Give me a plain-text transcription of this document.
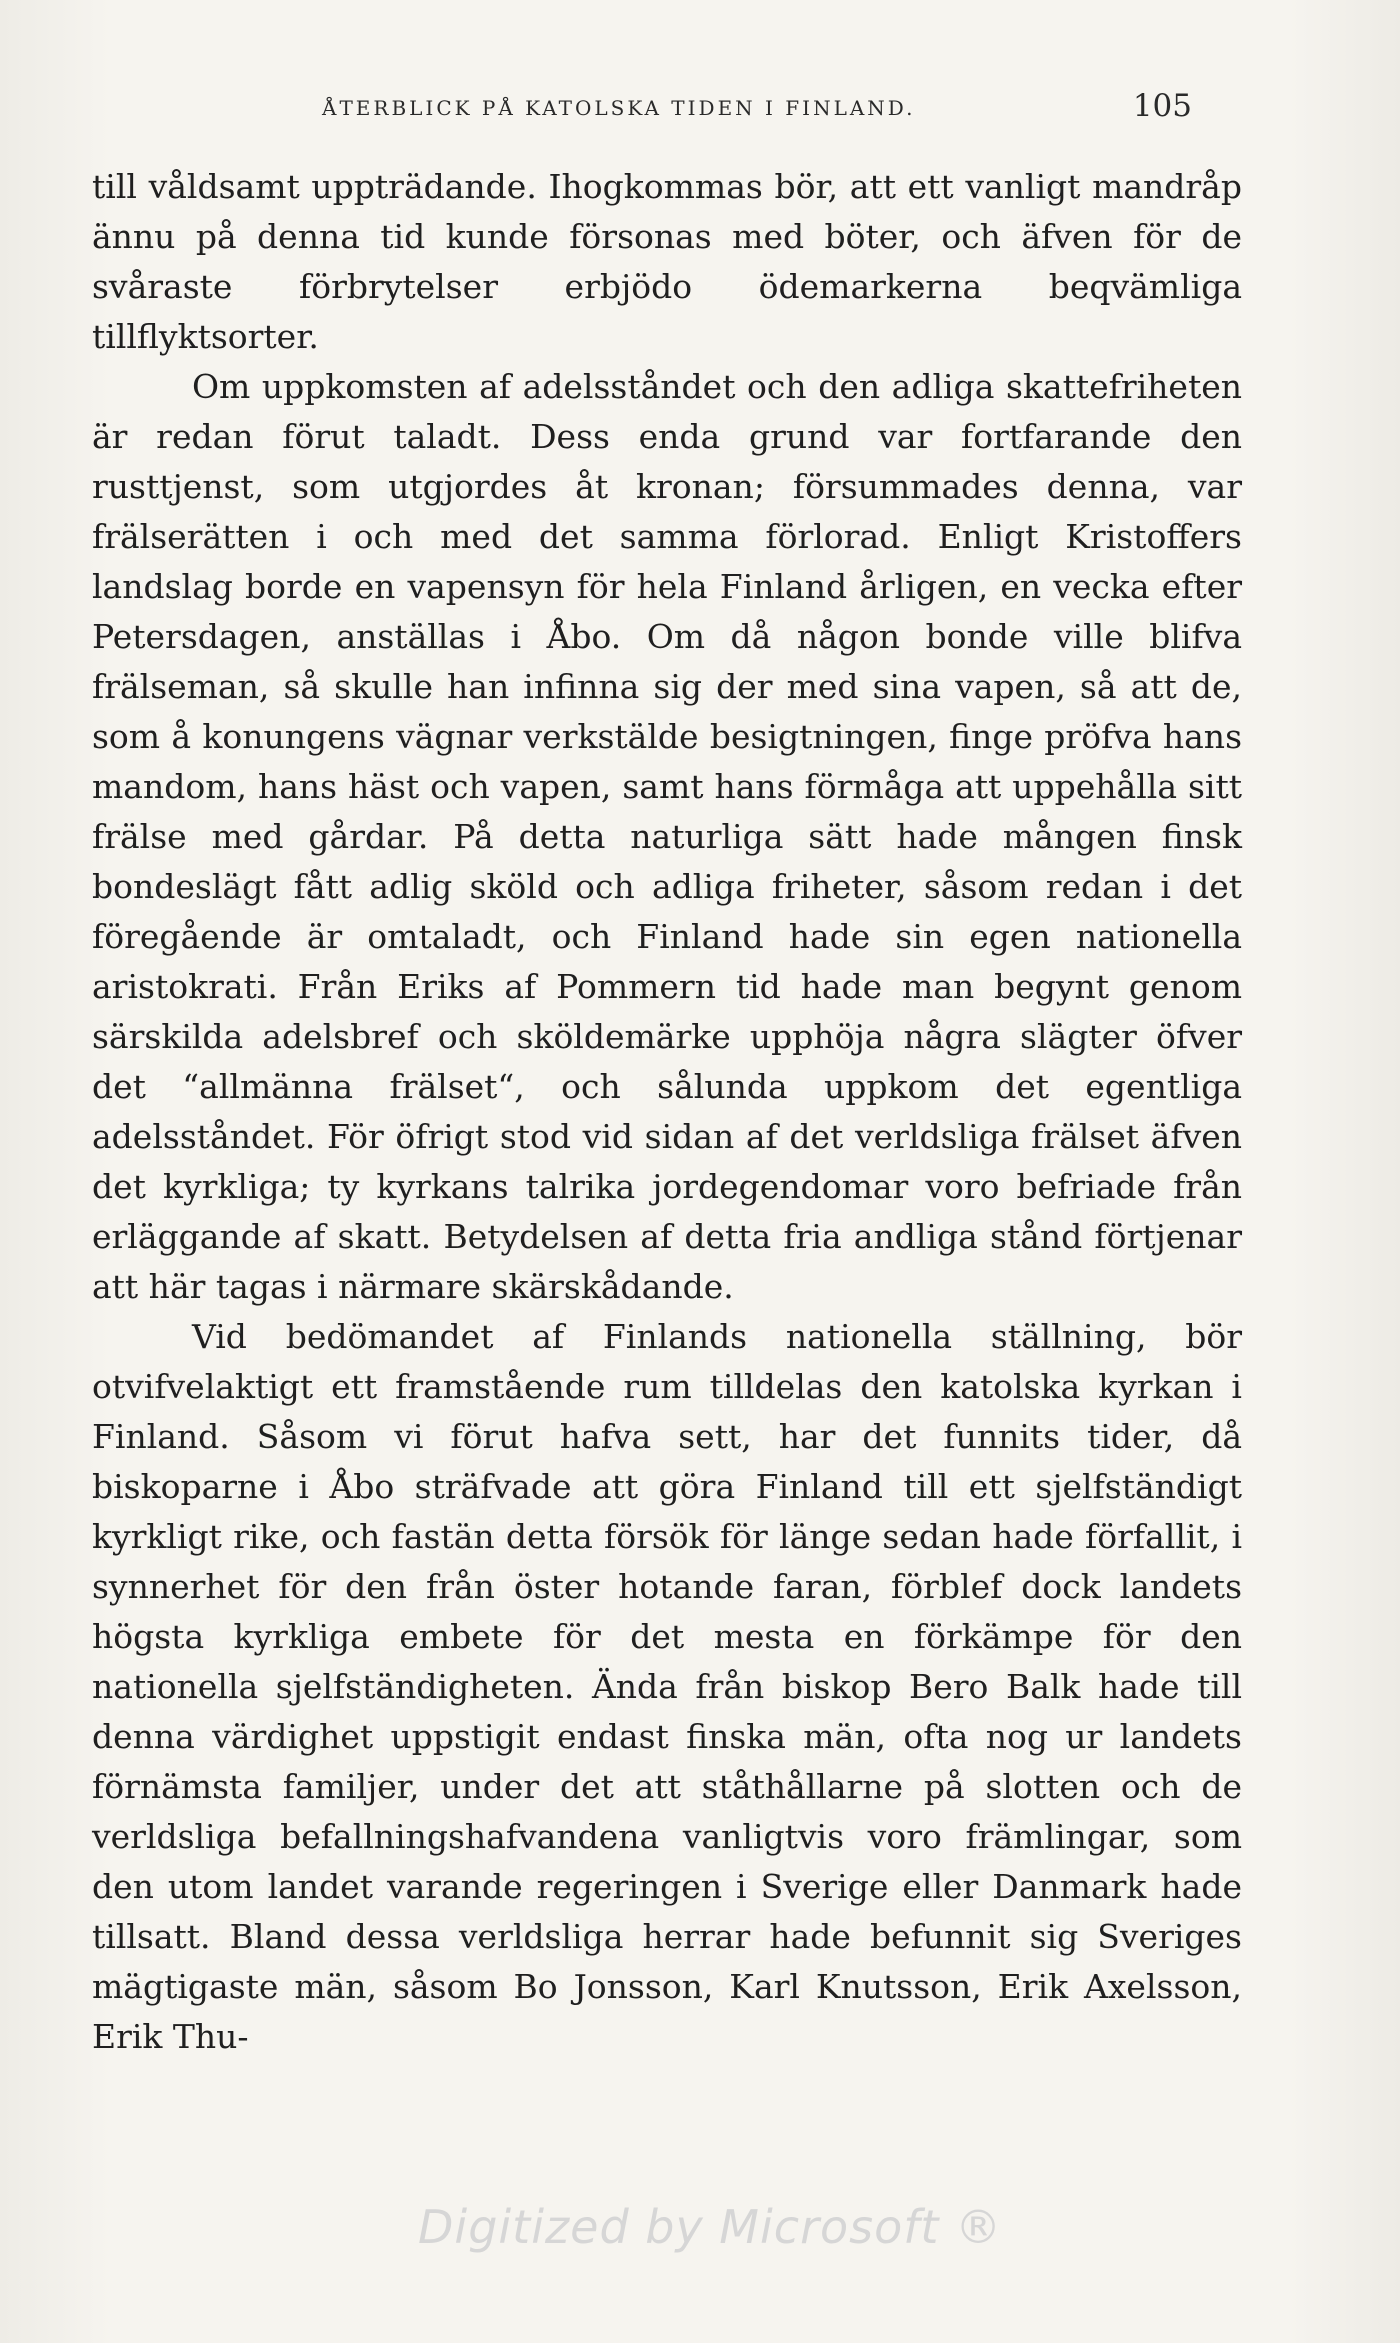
ÅTERBLICK PÅ KATOLSKA TIDEN I FINLAND.	105

till våldsamt uppträdande. Ihogkommas bör, att ett vanligt mandråp ännu på denna tid kunde försonas med böter, och äfven för de svåraste förbrytelser erbjödo ödemarkerna beqvämliga tillflyktsorter.

Om uppkomsten af adelsståndet och den adliga skattefriheten är redan förut taladt. Dess enda grund var fortfarande den rusttjenst, som utgjordes åt kronan; försummades denna, var frälserätten i och med det samma förlorad. Enligt Kristoffers landslag borde en vapensyn för hela Finland årligen, en vecka efter Petersdagen, anställas i Åbo. Om då någon bonde ville blifva frälseman, så skulle han infinna sig der med sina vapen, så att de, som å konungens vägnar verkstälde besigtningen, finge pröfva hans mandom, hans häst och vapen, samt hans förmåga att uppehålla sitt frälse med gårdar. På detta naturliga sätt hade mången finsk bondeslägt fått adlig sköld och adliga friheter, såsom redan i det föregående är omtaladt, och Finland hade sin egen nationella aristokrati. Från Eriks af Pommern tid hade man begynt genom särskilda adelsbref och sköldemärke upphöja några slägter öfver det “allmänna frälset“, och sålunda uppkom det egentliga adelsståndet. För öfrigt stod vid sidan af det verldsliga frälset äfven det kyrkliga; ty kyrkans talrika jordegendomar voro befriade från erläggande af skatt. Betydelsen af detta fria andliga stånd förtjenar att här tagas i närmare skärskådande.

Vid bedömandet af Finlands nationella ställning, bör otvifvelaktigt ett framstående rum tilldelas den katolska kyrkan i Finland. Såsom vi förut hafva sett, har det funnits tider, då biskoparne i Åbo sträfvade att göra Finland till ett sjelfständigt kyrkligt rike, och fastän detta försök för länge sedan hade förfallit, i synnerhet för den från öster hotande faran, förblef dock landets högsta kyrkliga embete för det mesta en förkämpe för den nationella sjelfständigheten. Ända från biskop Bero Balk hade till denna värdighet uppstigit endast finska män, ofta nog ur landets förnämsta familjer, under det att ståthållarne på slotten och de verldsliga befallningshafvandena vanligtvis voro främlingar, som den utom landet varande regeringen i Sverige eller Danmark hade tillsatt. Bland dessa verldsliga herrar hade befunnit sig Sveriges mägtigaste män, såsom Bo Jonsson, Karl Knutsson, Erik Axelsson, Erik Thu-

Digitized by Microsoft ®
